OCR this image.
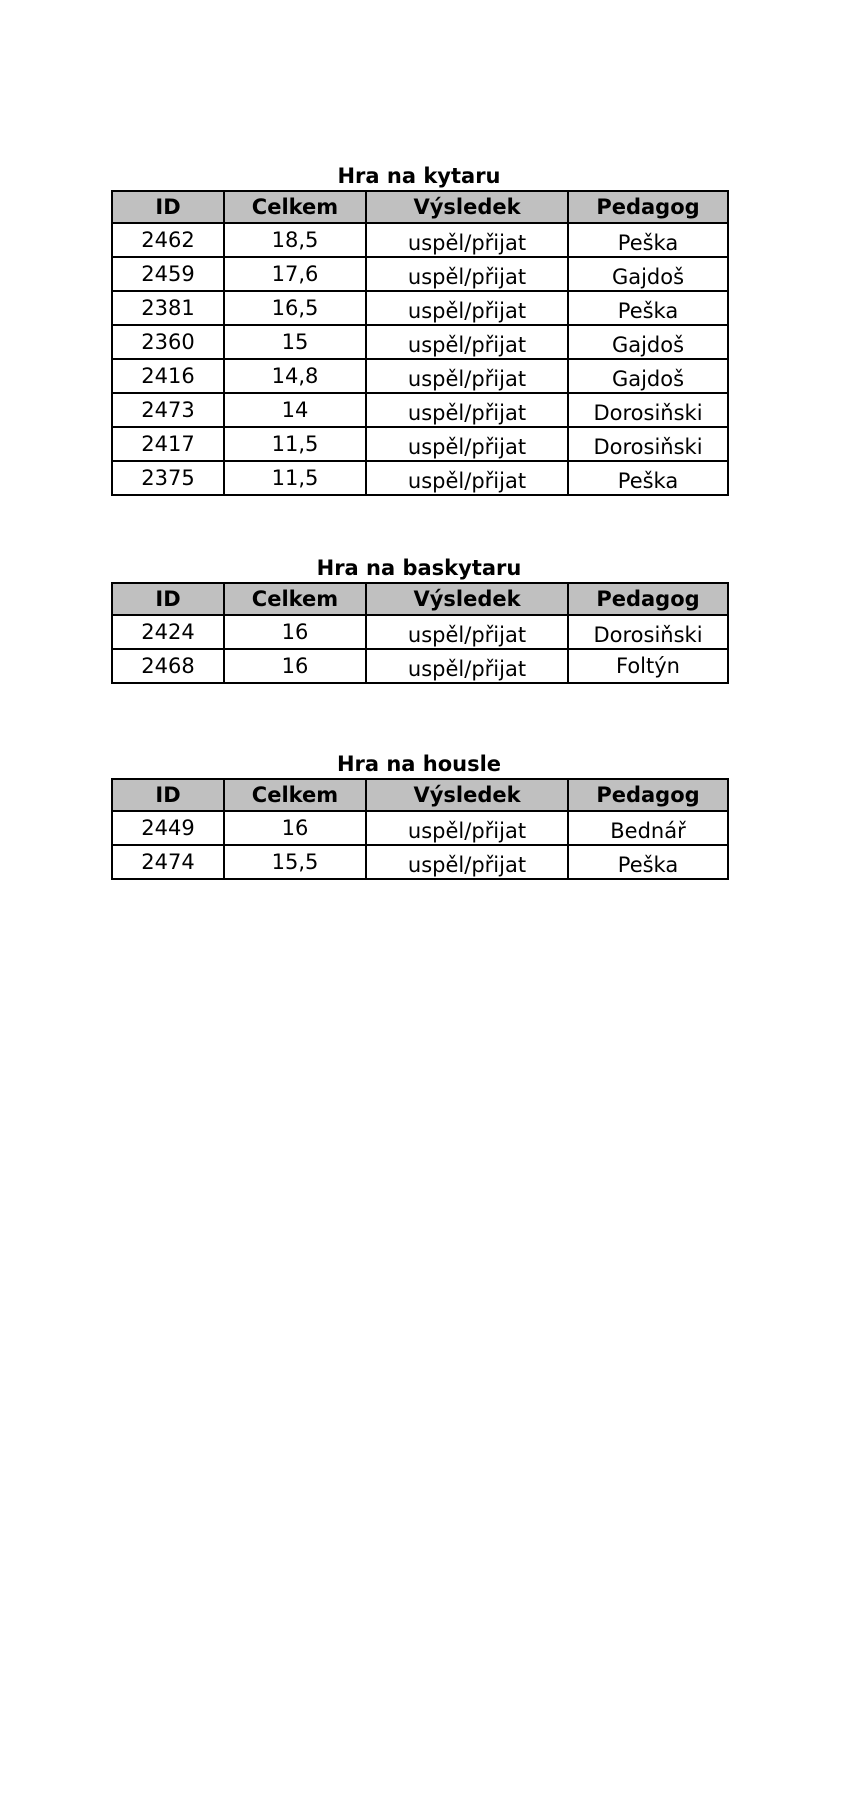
Hra na kytaru
ID	Celkem	Výsledek	Pedagog
2462	18,5	uspěl/přijat	Peška
2459	17,6	uspěl/přijat	Gajdoš
2381	16,5	uspěl/přijat	Peška
2360	15	uspěl/přijat	Gajdoš
2416	14,8	uspěl/přijat	Gajdoš
2473	14	uspěl/přijat	Dorosiňski
2417	11,5	uspěl/přijat	Dorosiňski
2375	11,5	uspěl/přijat	Peška
Hra na baskytaru
ID	Celkem	Výsledek	Pedagog
2424	16	uspěl/přijat	Dorosiňski
2468	16	uspěl/přijat	Foltýn
Hra na housle
ID	Celkem	Výsledek	Pedagog
2449	16	uspěl/přijat	Bednář
2474	15,5	uspěl/přijat	Peška
